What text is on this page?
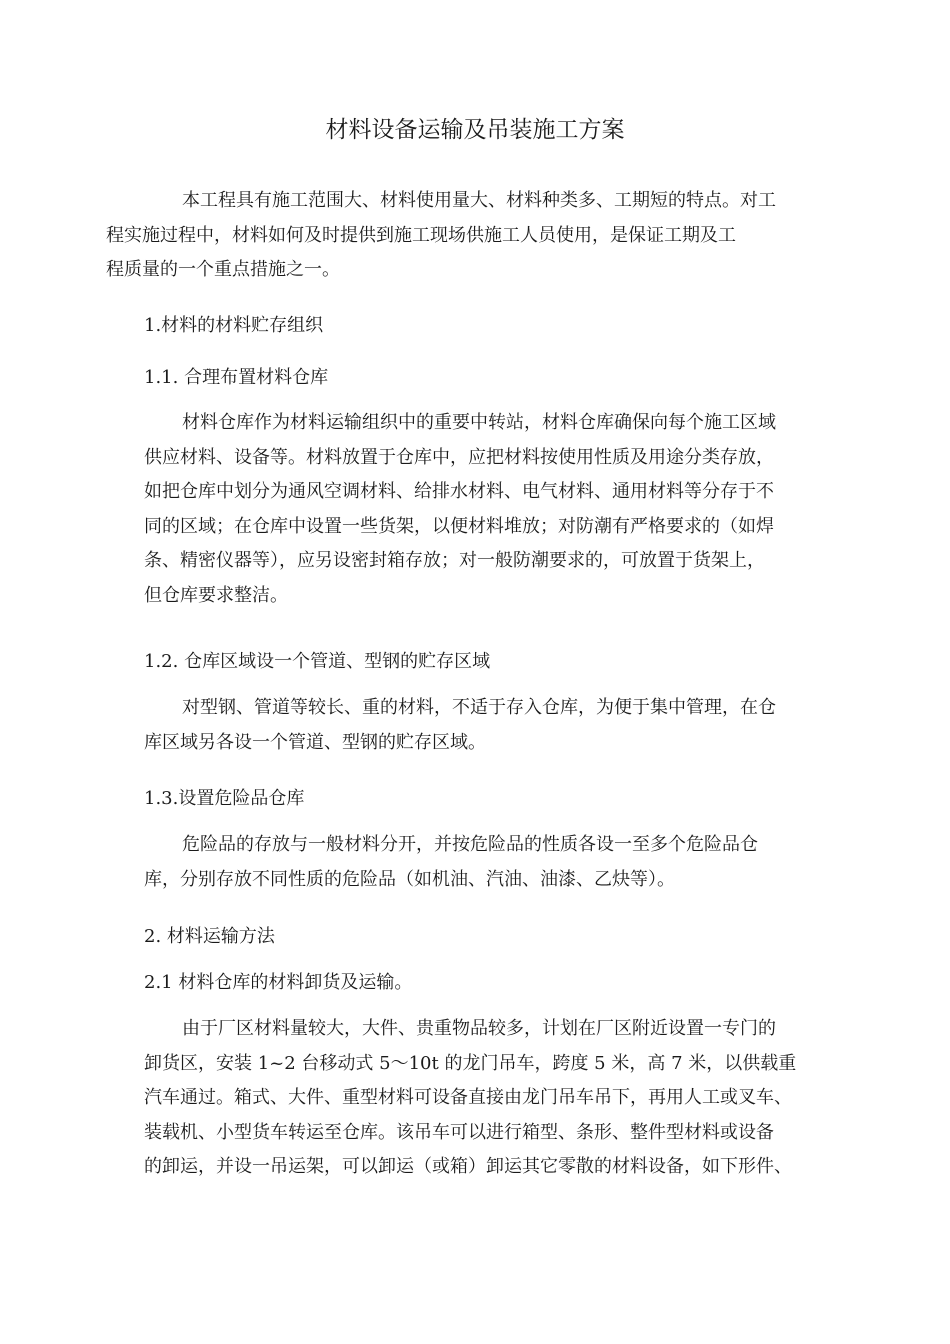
材料设备运输及吊装施工方案
本工程具有施工范围大、材料使用量大、材料种类多、工期短的特点。对工
程实施过程中，材料如何及时提供到施工现场供施工人员使用，是保证工期及工
程质量的一个重点措施之一。
1.材料的材料贮存组织
1.1. 合理布置材料仓库
材料仓库作为材料运输组织中的重要中转站，材料仓库确保向每个施工区域
供应材料、设备等。材料放置于仓库中，应把材料按使用性质及用途分类存放，
如把仓库中划分为通风空调材料、给排水材料、电气材料、通用材料等分存于不
同的区域；在仓库中设置一些货架，以便材料堆放；对防潮有严格要求的（如焊
条、精密仪器等），应另设密封箱存放；对一般防潮要求的，可放置于货架上，
但仓库要求整洁。
1.2. 仓库区域设一个管道、型钢的贮存区域
对型钢、管道等较长、重的材料，不适于存入仓库，为便于集中管理，在仓
库区域另各设一个管道、型钢的贮存区域。
1.3.设置危险品仓库
危险品的存放与一般材料分开，并按危险品的性质各设一至多个危险品仓
库，分别存放不同性质的危险品（如机油、汽油、油漆、乙炔等）。
2. 材料运输方法
2.1 材料仓库的材料卸货及运输。
由于厂区材料量较大，大件、贵重物品较多，计划在厂区附近设置一专门的
卸货区，安装 1~2 台移动式 5～10t 的龙门吊车，跨度 5 米，高 7 米，以供载重
汽车通过。箱式、大件、重型材料可设备直接由龙门吊车吊下，再用人工或叉车、
装载机、小型货车转运至仓库。该吊车可以进行箱型、条形、整件型材料或设备
的卸运，并设一吊运架，可以卸运（或箱）卸运其它零散的材料设备，如下形件、
